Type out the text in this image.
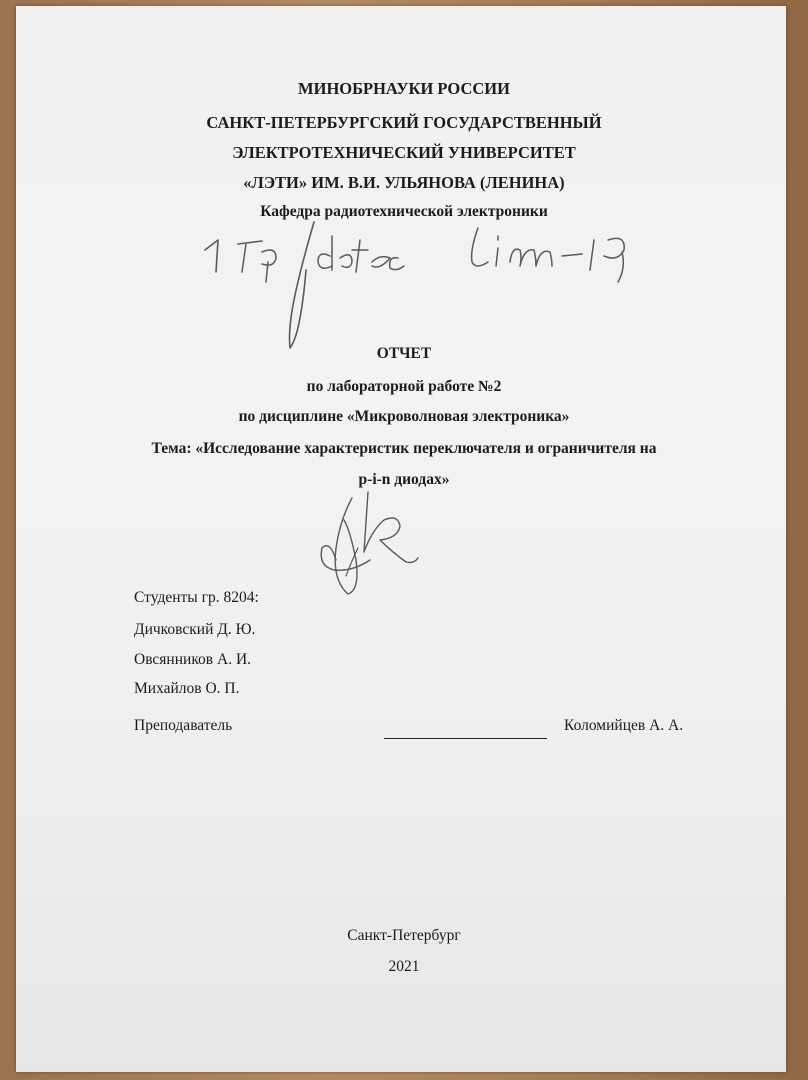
МИНОБРНАУКИ РОССИИ
САНКТ-ПЕТЕРБУРГСКИЙ ГОСУДАРСТВЕННЫЙ
ЭЛЕКТРОТЕХНИЧЕСКИЙ УНИВЕРСИТЕТ
«ЛЭТИ» ИМ. В.И. УЛЬЯНОВА (ЛЕНИНА)
Кафедра радиотехнической электроники
ОТЧЕТ
по лабораторной работе №2
по дисциплине «Микроволновая электроника»
Тема: «Исследование характеристик переключателя и ограничителя на
p-i-n диодах»
Студенты гр. 8204:
Дичковский Д. Ю.
Овсянников А. И.
Михайлов О. П.
Преподаватель	Коломийцев А. А.
Санкт-Петербург
2021
